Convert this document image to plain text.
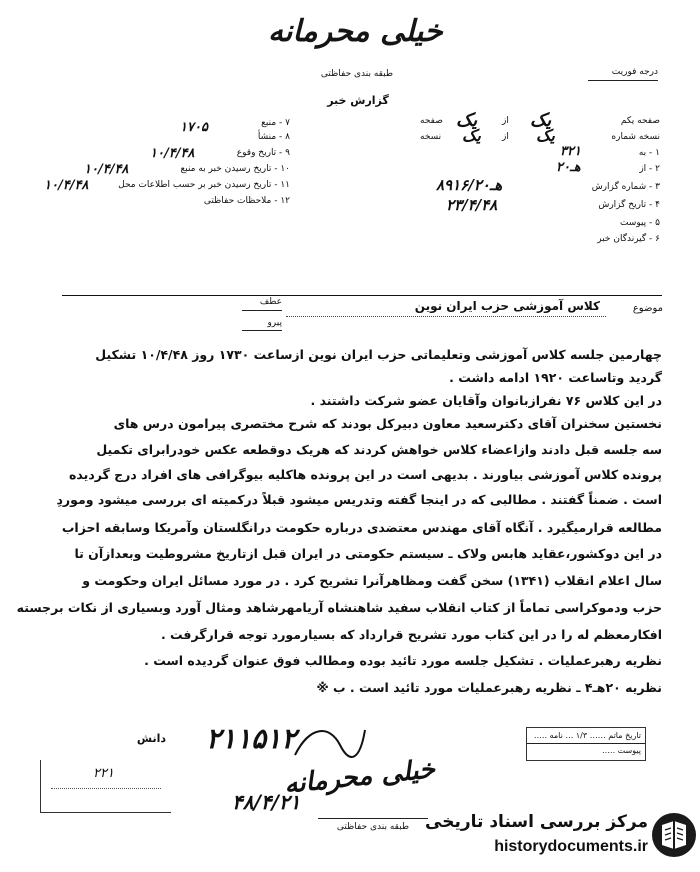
خیلی محرمانه
طبقه بندی حفاظتی
گزارش خبر
درجه فوریت
۷ - منبع
۸ - منشأ
۱۷۰۵
۹ - تاریخ وقوع
۱۰/۴/۴۸
۱۰ - تاریخ رسیدن خبر به منبع
۱۰/۴/۴۸
۱۱ - تاریخ رسیدن خبر بر حسب اطلاعات محل
۱۰/۴/۴۸
۱۲ - ملاحظات حفاظتی
صفحه یکم
یک
از
یک
صفحه
نسخه شماره
یک
از
یک
نسخه
۱ - به
۳۲۱
۲ - از
۲۰هـ
۳ - شماره گزارش
۸۹۱۶/۲۰هـ
۴ - تاریخ گزارش
۲۳/۴/۴۸
۵ - پیوست
۶ - گیرندگان خبر
موضوع
کلاس آموزشی حزب ایران نوین
عطف
پیرو
چهارمین جلسه کلاس آموزشی وتعلیماتی حزب ایران نوین ازساعت ۱۷۳۰ روز ۱۰/۴/۴۸ تشکیل
گردید وتاساعت ۱۹۲۰ ادامه داشت .
در این کلاس ۷۶ نفرازبانوان وآقایان عضو شرکت داشتند .
نخستین سخنران آقای دکترسعید معاون دبیرکل بودند که شرح مختصری پیرامون درس های
سه جلسه قبل دادند وازاعضاء کلاس خواهش کردند که هریک دوقطعه عکس خودرابرای تکمیل
پرونده کلاس آموزشی بیاورند . بدیهی است در این پرونده هاکلیه بیوگرافی های افراد درج گردیده
است . ضمناً گفتند . مطالبی که در اینجا گفته وتدریس میشود قبلاً درکمیته ای بررسی میشود وموردِ
مطالعه قرارمیگیرد . آنگاه آقای مهندس معتضدی درباره حکومت درانگلستان وآمریکا وسابقه احزاب
در این دوکشور،عقاید هابس ولاک ـ سیستم حکومتی در ایران قبل ازتاریخ مشروطیت وبعدازآن تا
سال اعلام انقلاب (۱۳۴۱) سخن گفت ومظاهرآنرا تشریح کرد . در مورد مسائل ایران وحکومت و
حزب ودموکراسی تماماً از کتاب انقلاب سفید شاهنشاه آریامهرشاهد ومثال آورد وبسیاری از نکات برجسته
افکارمعظم له را در این کتاب مورد تشریح قرارداد که بسیارمورد توجه قرارگرفت .
نظریه رهبرعملیات . تشکیل جلسه مورد تائید بوده ومطالب فوق عنوان گردیده است .
نظریه ۲۰هـ۴ ـ نظریه رهبرعملیات مورد تائید است . ب ※
دانش
۲۲۱
۲۱۱۵۱۲
خیلی محرمانه
۴۸/۴/۲۱
طبقه بندی حفاظتی
تاریخ ماتم …… ۱/۳ … نامه ..…
پیوست ..…
مرکز بررسی اسناد تاریخی
historydocuments.ir
